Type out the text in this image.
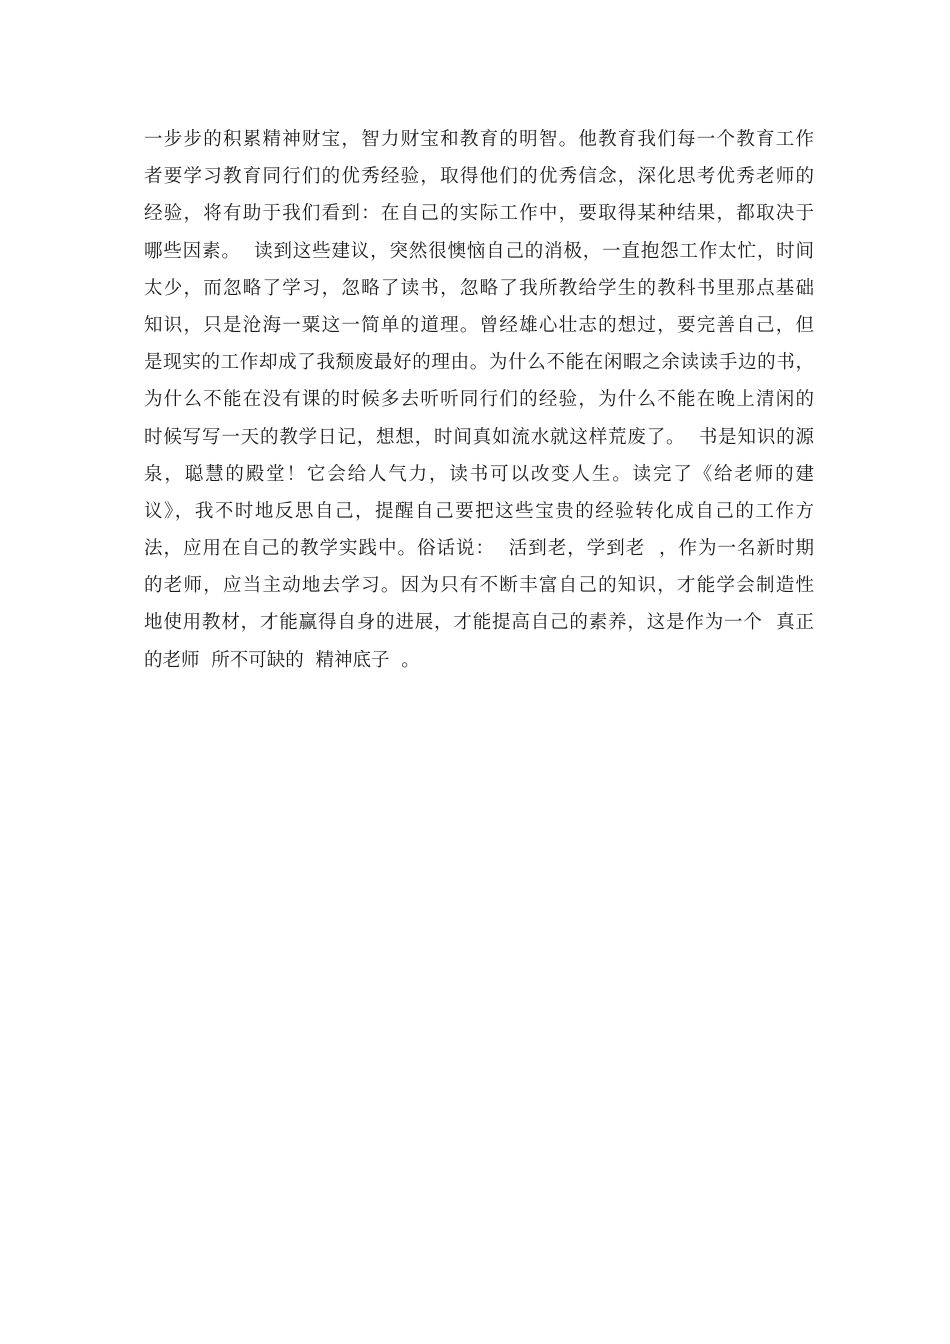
一步步的积累精神财宝，智力财宝和教育的明智。他教育我们每一个教育工作
者要学习教育同行们的优秀经验，取得他们的优秀信念，深化思考优秀老师的
经验，将有助于我们看到：在自己的实际工作中，要取得某种结果，都取决于
哪些因素。  读到这些建议，突然很懊恼自己的消极，一直抱怨工作太忙，时间
太少，而忽略了学习，忽略了读书，忽略了我所教给学生的教科书里那点基础
知识，只是沧海一粟这一简单的道理。曾经雄心壮志的想过，要完善自己，但
是现实的工作却成了我颓废最好的理由。为什么不能在闲暇之余读读手边的书，
为什么不能在没有课的时候多去听听同行们的经验，为什么不能在晚上清闲的
时候写写一天的教学日记，想想，时间真如流水就这样荒废了。  书是知识的源
泉，聪慧的殿堂！它会给人气力，读书可以改变人生。读完了《给老师的建
议》，我不时地反思自己，提醒自己要把这些宝贵的经验转化成自己的工作方
法，应用在自己的教学实践中。俗话说：  活到老，学到老  ，作为一名新时期
的老师，应当主动地去学习。因为只有不断丰富自己的知识，才能学会制造性
地使用教材，才能赢得自身的进展，才能提高自己的素养，这是作为一个  真正
的老师  所不可缺的  精神底子  。
